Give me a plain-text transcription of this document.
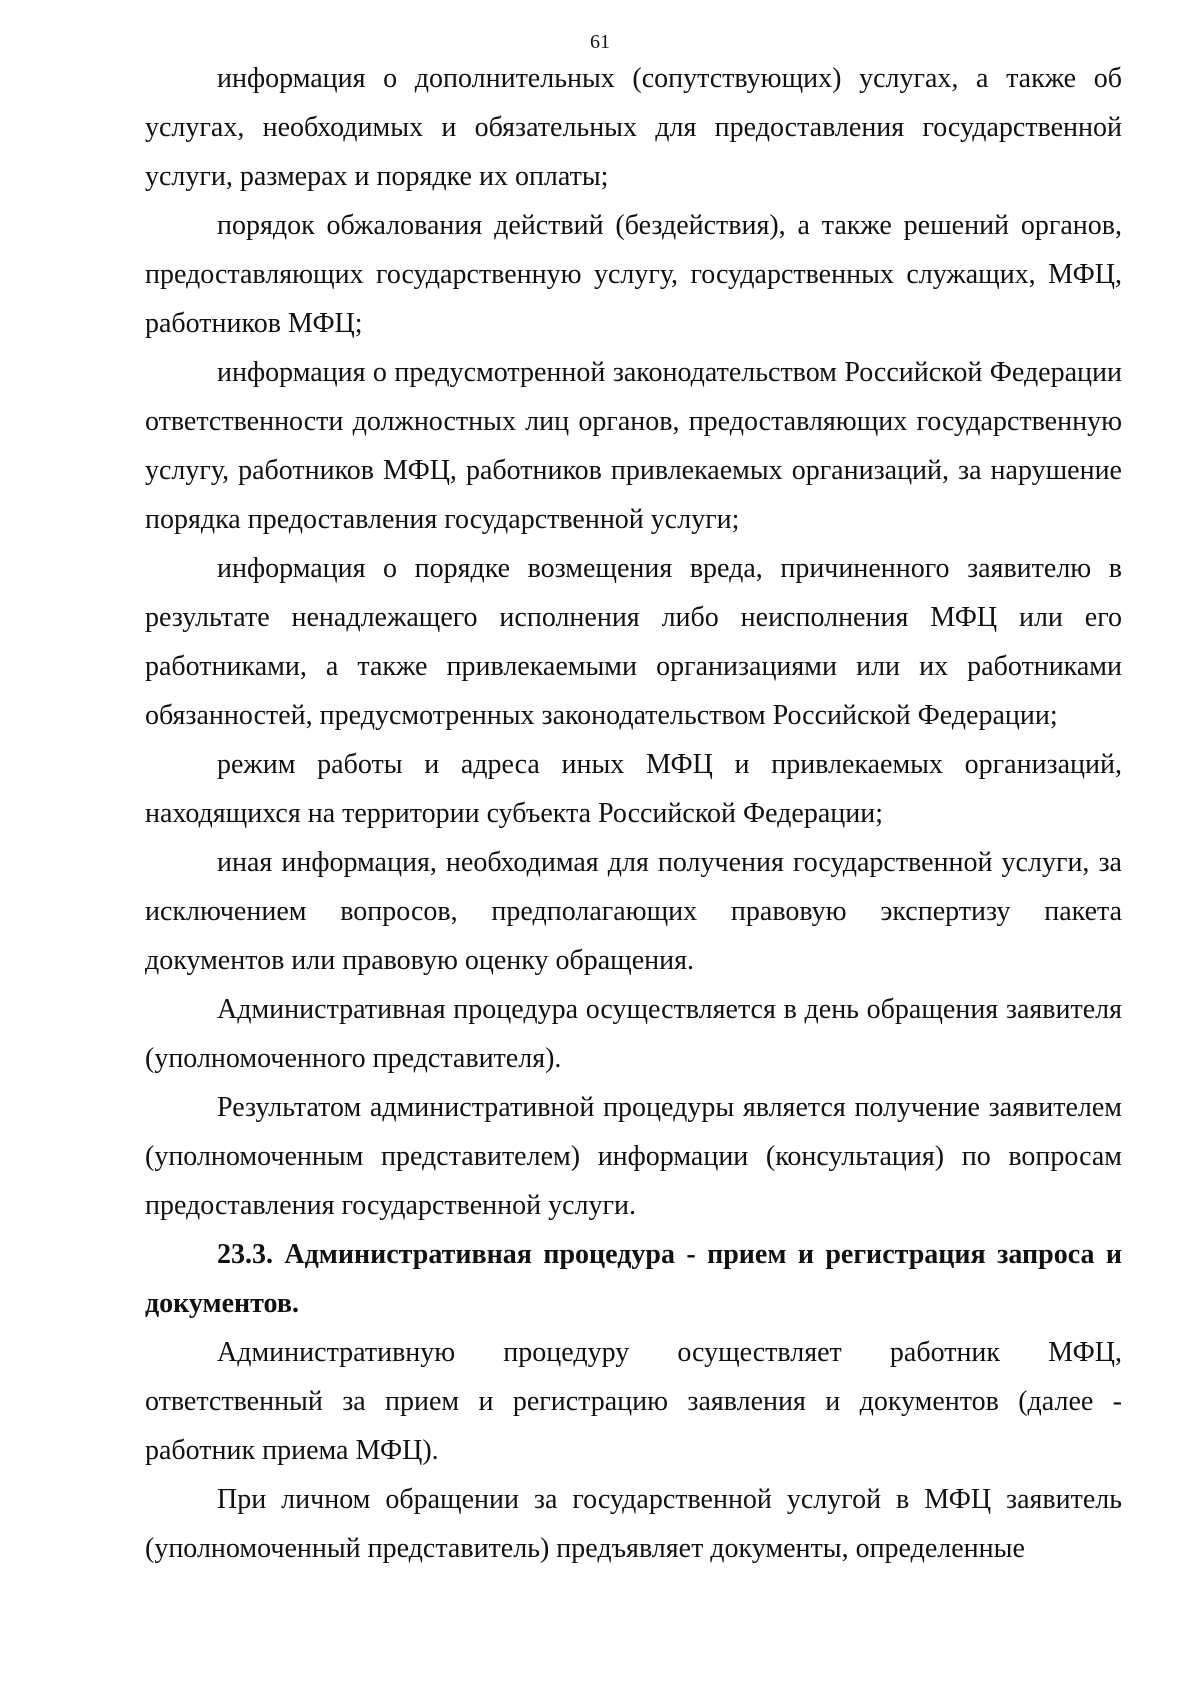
61

информация о дополнительных (сопутствующих) услугах, а также об услугах, необходимых и обязательных для предоставления государственной услуги, размерах и порядке их оплаты;

порядок обжалования действий (бездействия), а также решений органов, предоставляющих государственную услугу, государственных служащих, МФЦ, работников МФЦ;

информация о предусмотренной законодательством Российской Федерации ответственности должностных лиц органов, предоставляющих государственную услугу, работников МФЦ, работников привлекаемых организаций, за нарушение порядка предоставления государственной услуги;

информация о порядке возмещения вреда, причиненного заявителю в результате ненадлежащего исполнения либо неисполнения МФЦ или его работниками, а также привлекаемыми организациями или их работниками обязанностей, предусмотренных законодательством Российской Федерации;

режим работы и адреса иных МФЦ и привлекаемых организаций, находящихся на территории субъекта Российской Федерации;

иная информация, необходимая для получения государственной услуги, за исключением вопросов, предполагающих правовую экспертизу пакета документов или правовую оценку обращения.

Административная процедура осуществляется в день обращения заявителя (уполномоченного представителя).

Результатом административной процедуры является получение заявителем (уполномоченным представителем) информации (консультация) по вопросам предоставления государственной услуги.

23.3. Административная процедура - прием и регистрация запроса и документов.

Административную процедуру осуществляет работник МФЦ, ответственный за прием и регистрацию заявления и документов (далее - работник приема МФЦ).

При личном обращении за государственной услугой в МФЦ заявитель (уполномоченный представитель) предъявляет документы, определенные
